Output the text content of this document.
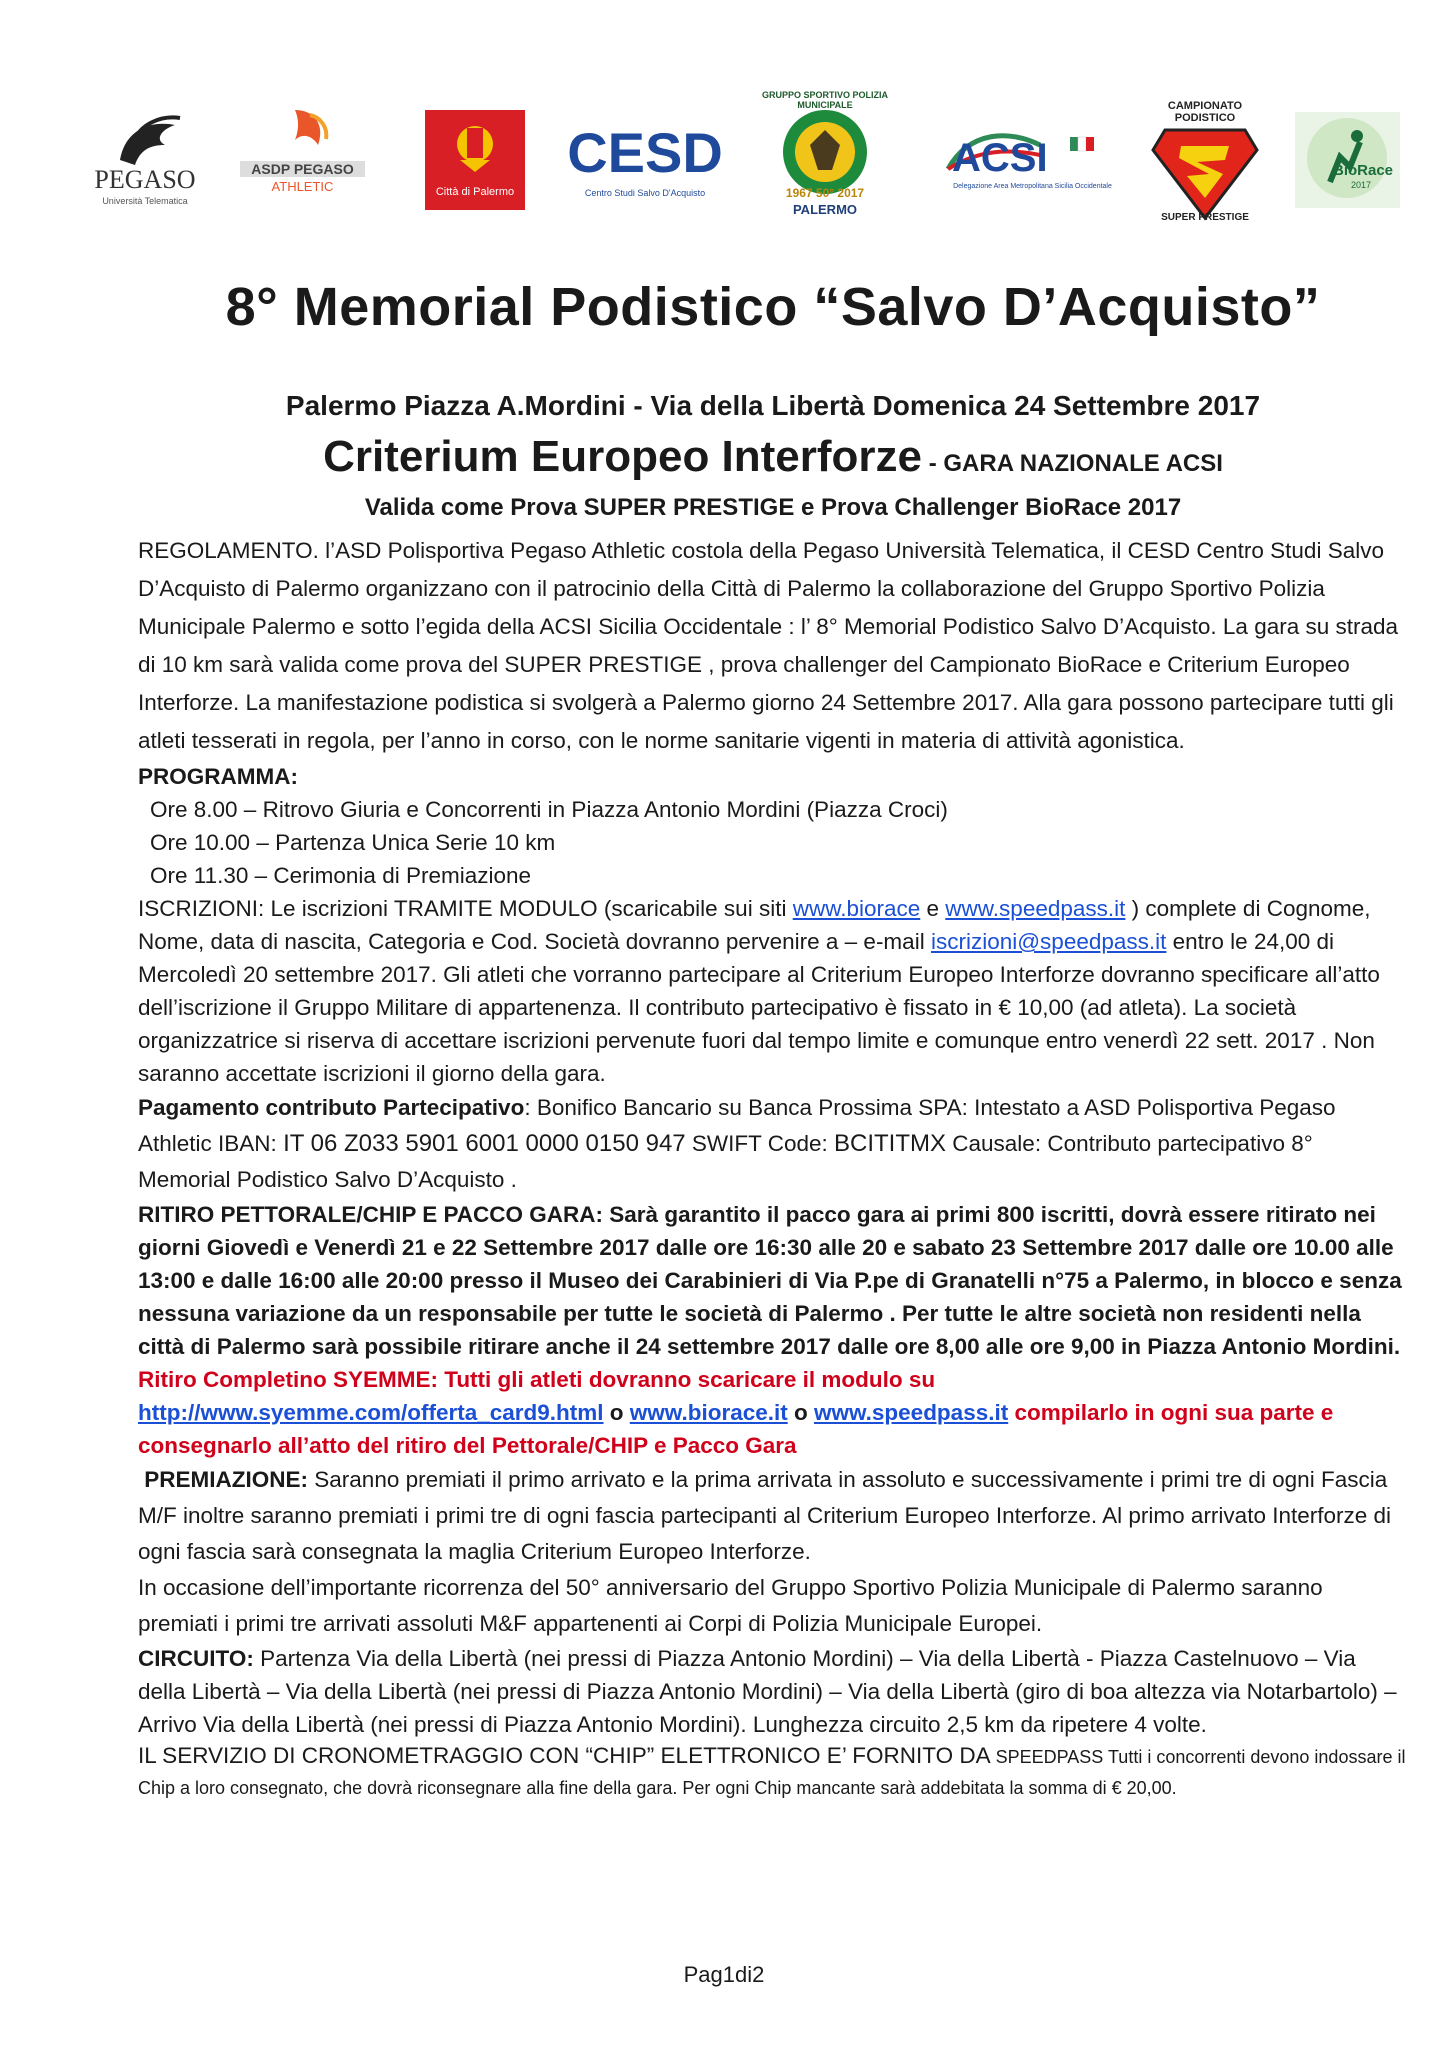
PEGASO
Università Telematica
ASDP PEGASO
ATHLETIC	Città di Palermo
CESD
Centro Studi Salvo D'Acquisto
GRUPPO SPORTIVO POLIZIA MUNICIPALE
1967 50° 2017
PALERMO
ACSI
Delegazione Area Metropolitana Sicilia Occidentale
CAMPIONATO PODISTICO
SUPER PRESTIGE
BioRace
2017
8° Memorial Podistico “Salvo D’Acquisto”
Palermo Piazza A.Mordini - Via della Libertà Domenica 24 Settembre 2017
Criterium Europeo Interforze - GARA NAZIONALE ACSI
Valida come Prova SUPER PRESTIGE e Prova Challenger BioRace 2017

REGOLAMENTO. l’ASD Polisportiva Pegaso Athletic costola della Pegaso Università Telematica, il CESD Centro Studi Salvo D’Acquisto di Palermo organizzano con il patrocinio della Città di Palermo la collaborazione del Gruppo Sportivo Polizia Municipale Palermo e sotto l’egida della ACSI Sicilia Occidentale : l’ 8° Memorial Podistico Salvo D’Acquisto. La gara su strada di 10 km sarà valida come prova del SUPER PRESTIGE , prova challenger del Campionato BioRace e Criterium Europeo Interforze. La manifestazione podistica si svolgerà a Palermo giorno 24 Settembre 2017. Alla gara possono partecipare tutti gli atleti tesserati in regola, per l’anno in corso, con le norme sanitarie vigenti in materia di attività agonistica.

PROGRAMMA:

Ore 8.00 – Ritrovo Giuria e Concorrenti in Piazza Antonio Mordini (Piazza Croci)

Ore 10.00 – Partenza Unica Serie 10 km

Ore 11.30 – Cerimonia di Premiazione

ISCRIZIONI: Le iscrizioni TRAMITE MODULO (scaricabile sui siti www.biorace e www.speedpass.it ) complete di Cognome, Nome, data di nascita, Categoria e Cod. Società dovranno pervenire a – e-mail iscrizioni@speedpass.it entro le 24,00 di Mercoledì 20 settembre 2017. Gli atleti che vorranno partecipare al Criterium Europeo Interforze dovranno specificare all’atto dell’iscrizione il Gruppo Militare di appartenenza. Il contributo partecipativo è fissato in € 10,00 (ad atleta). La società organizzatrice si riserva di accettare iscrizioni pervenute fuori dal tempo limite e comunque entro venerdì 22 sett. 2017 . Non saranno accettate iscrizioni il giorno della gara.

Pagamento contributo Partecipativo: Bonifico Bancario su Banca Prossima SPA: Intestato a ASD Polisportiva Pegaso Athletic IBAN: IT 06 Z033 5901 6001 0000 0150 947 SWIFT Code: BCITITMX Causale: Contributo partecipativo 8° Memorial Podistico Salvo D’Acquisto .

RITIRO PETTORALE/CHIP E PACCO GARA: Sarà garantito il pacco gara ai primi 800 iscritti, dovrà essere ritirato nei giorni Giovedì e Venerdì 21 e 22 Settembre 2017 dalle ore 16:30 alle 20 e sabato 23 Settembre 2017 dalle ore 10.00 alle 13:00 e dalle 16:00 alle 20:00 presso il Museo dei Carabinieri di Via P.pe di Granatelli n°75 a Palermo, in blocco e senza nessuna variazione da un responsabile per tutte le società di Palermo . Per tutte le altre società non residenti nella città di Palermo sarà possibile ritirare anche il 24 settembre 2017 dalle ore 8,00 alle ore 9,00 in Piazza Antonio Mordini.

Ritiro Completino SYEMME: Tutti gli atleti dovranno scaricare il modulo su
http://www.syemme.com/offerta_card9.html o www.biorace.it o www.speedpass.it compilarlo in ogni sua parte e consegnarlo all’atto del ritiro del Pettorale/CHIP e Pacco Gara

PREMIAZIONE: Saranno premiati il primo arrivato e la prima arrivata in assoluto e successivamente i primi tre di ogni Fascia M/F inoltre saranno premiati i primi tre di ogni fascia partecipanti al Criterium Europeo Interforze. Al primo arrivato Interforze di ogni fascia sarà consegnata la maglia Criterium Europeo Interforze.

In occasione dell’importante ricorrenza del 50° anniversario del Gruppo Sportivo Polizia Municipale di Palermo saranno premiati i primi tre arrivati assoluti M&F appartenenti ai Corpi di Polizia Municipale Europei.

CIRCUITO: Partenza Via della Libertà (nei pressi di Piazza Antonio Mordini) – Via della Libertà - Piazza Castelnuovo – Via della Libertà – Via della Libertà (nei pressi di Piazza Antonio Mordini) – Via della Libertà (giro di boa altezza via Notarbartolo) – Arrivo Via della Libertà (nei pressi di Piazza Antonio Mordini). Lunghezza circuito 2,5 km da ripetere 4 volte.

IL SERVIZIO DI CRONOMETRAGGIO CON “CHIP” ELETTRONICO E’ FORNITO DA SPEEDPASS Tutti i concorrenti devono indossare il Chip a loro consegnato, che dovrà riconsegnare alla fine della gara. Per ogni Chip mancante sarà addebitata la somma di € 20,00.

Pag1di2
